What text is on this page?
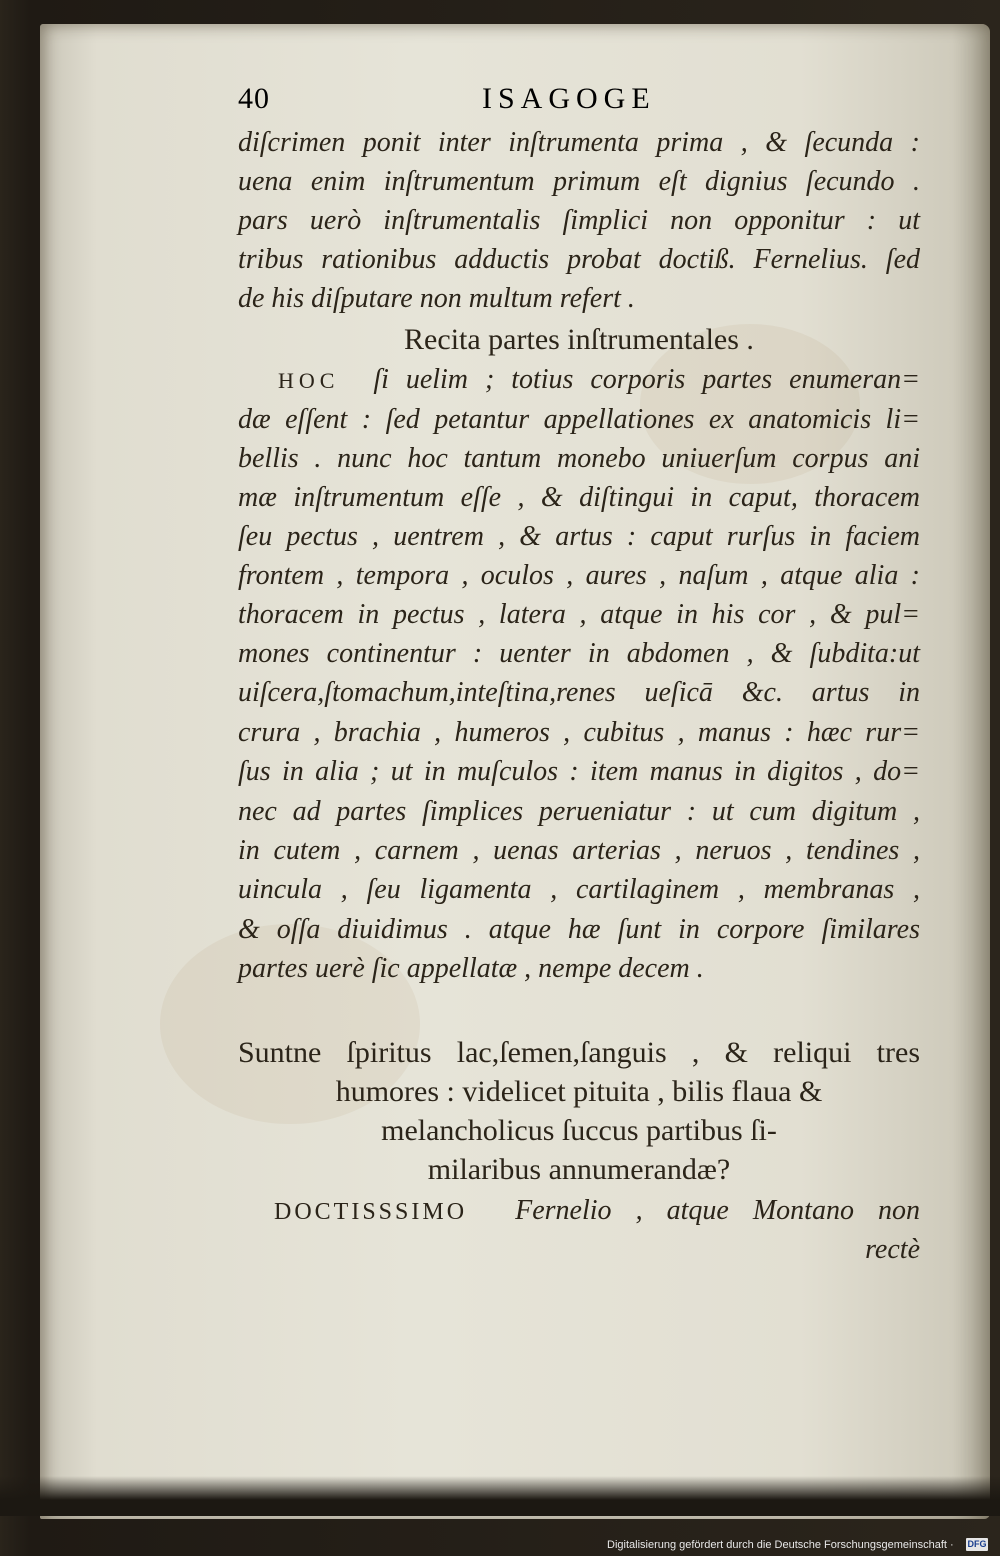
40	ISAGOGE
diſcrimen ponit inter inſtrumenta prima , & ſecunda :
uena enim inſtrumentum primum eſt dignius ſecundo .
pars uerò inſtrumentalis ſimplici non opponitur : ut
tribus rationibus adductis probat doctiß. Fernelius. ſed
de his diſputare non multum refert .
Recita partes inſtrumentales .
HOC ſi uelim ; totius corporis partes enumeran=
dæ eſſent : ſed petantur appellationes ex anatomicis li=
bellis . nunc hoc tantum monebo uniuerſum corpus ani
mæ inſtrumentum eſſe , & diſtingui in caput, thoracem
ſeu pectus , uentrem , & artus : caput rurſus in faciem
frontem , tempora , oculos , aures , naſum , atque alia :
thoracem in pectus , latera , atque in his cor , & pul=
mones continentur : uenter in abdomen , & ſubdita:ut
uiſcera,ſtomachum,inteſtina,renes ueſicā &c. artus in
crura , brachia , humeros , cubitus , manus : hæc rur=
ſus in alia ; ut in muſculos : item manus in digitos , do=
nec ad partes ſimplices perueniatur : ut cum digitum ,
in cutem , carnem , uenas arterias , neruos , tendines ,
uincula , ſeu ligamenta , cartilaginem , membranas ,
& oſſa diuidimus . atque hæ ſunt in corpore ſimilares
partes uerè ſic appellatæ , nempe decem .
Suntne ſpiritus lac,ſemen,ſanguis , & reliqui tres
humores : videlicet pituita , bilis flaua &
melancholicus ſuccus partibus ſi-
milaribus annumerandæ?
DOCTISSSIMO Fernelio , atque Montano non
rectè
Digitalisierung gefördert durch die Deutsche Forschungsgemeinschaft · DFG
